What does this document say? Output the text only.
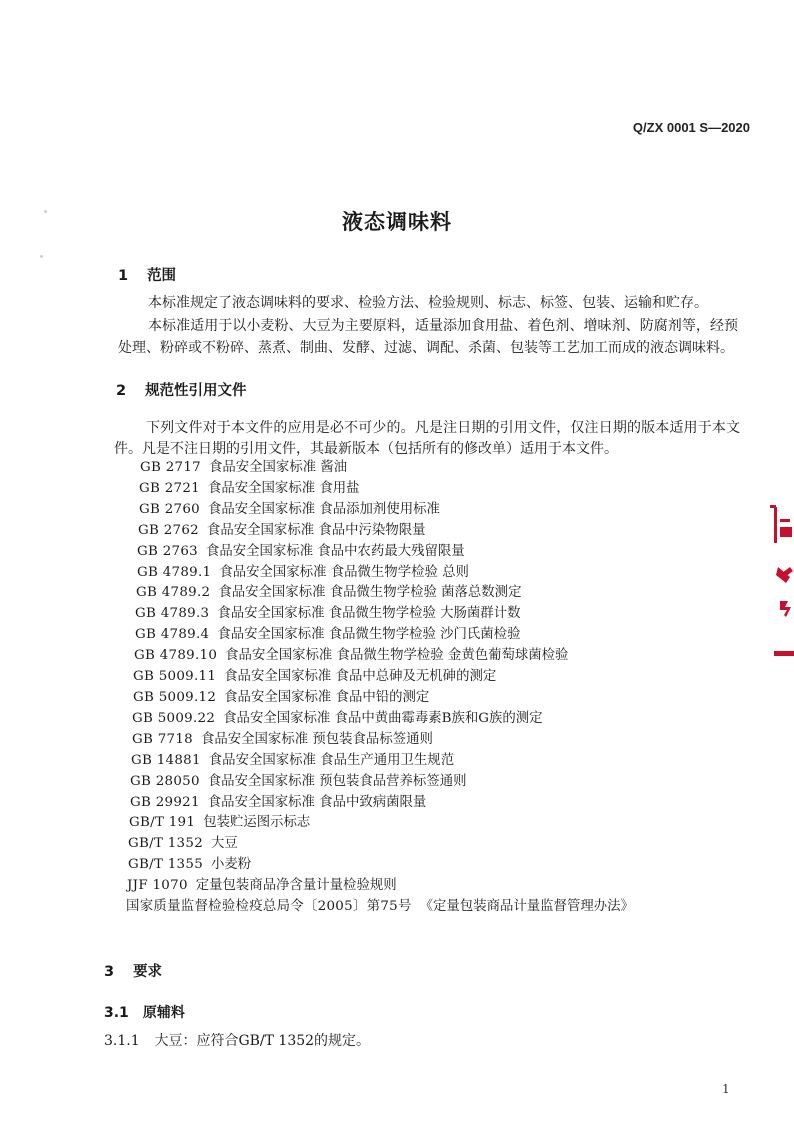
Q/ZX 0001 S—2020
液态调味料
1 范围
本标准规定了液态调味料的要求、检验方法、检验规则、标志、标签、包装、运输和贮存。
本标准适用于以小麦粉、大豆为主要原料，适量添加食用盐、着色剂、增味剂、防腐剂等，经预处理、粉碎或不粉碎、蒸煮、制曲、发酵、过滤、调配、杀菌、包装等工艺加工而成的液态调味料。
2 规范性引用文件
下列文件对于本文件的应用是必不可少的。凡是注日期的引用文件，仅注日期的版本适用于本文件。凡是不注日期的引用文件，其最新版本（包括所有的修改单）适用于本文件。
GB 2717 食品安全国家标准 酱油
GB 2721 食品安全国家标准 食用盐
GB 2760 食品安全国家标准 食品添加剂使用标准
GB 2762 食品安全国家标准 食品中污染物限量
GB 2763 食品安全国家标准 食品中农药最大残留限量
GB 4789.1 食品安全国家标准 食品微生物学检验 总则
GB 4789.2 食品安全国家标准 食品微生物学检验 菌落总数测定
GB 4789.3 食品安全国家标准 食品微生物学检验 大肠菌群计数
GB 4789.4 食品安全国家标准 食品微生物学检验 沙门氏菌检验
GB 4789.10 食品安全国家标准 食品微生物学检验 金黄色葡萄球菌检验
GB 5009.11 食品安全国家标准 食品中总砷及无机砷的测定
GB 5009.12 食品安全国家标准 食品中铅的测定
GB 5009.22 食品安全国家标准 食品中黄曲霉毒素B族和G族的测定
GB 7718 食品安全国家标准 预包装食品标签通则
GB 14881 食品安全国家标准 食品生产通用卫生规范
GB 28050 食品安全国家标准 预包装食品营养标签通则
GB 29921 食品安全国家标准 食品中致病菌限量
GB/T 191 包装贮运图示标志
GB/T 1352 大豆
GB/T 1355 小麦粉
JJF 1070 定量包装商品净含量计量检验规则
国家质量监督检验检疫总局令〔2005〕第75号 《定量包装商品计量监督管理办法》
3 要求
3.1 原辅料
3.1.1 大豆：应符合GB/T 1352的规定。
1
